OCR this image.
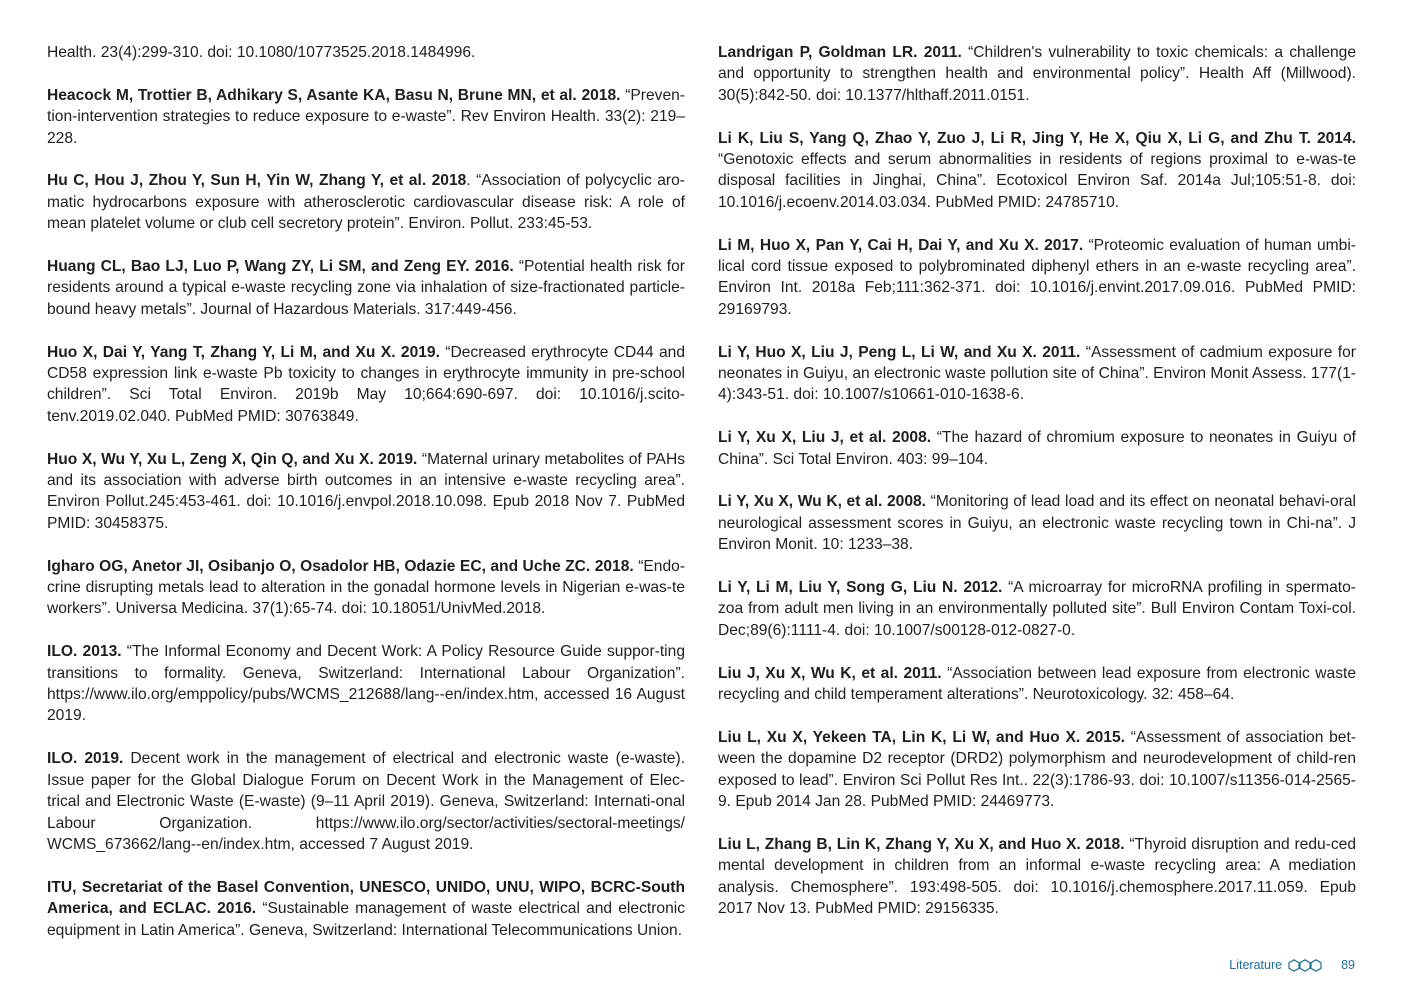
Health. 23(4):299-310. doi: 10.1080/10773525.2018.1484996.

Heacock M, Trottier B, Adhikary S, Asante KA, Basu N, Brune MN, et al. 2018. “Preven-tion-intervention strategies to reduce exposure to e-waste”. Rev Environ Health. 33(2): 219–228.

Hu C, Hou J, Zhou Y, Sun H, Yin W, Zhang Y, et al. 2018. “Association of polycyclic aro-matic hydrocarbons exposure with atherosclerotic cardiovascular disease risk: A role of mean platelet volume or club cell secretory protein”. Environ. Pollut. 233:45-53.

Huang CL, Bao LJ, Luo P, Wang ZY, Li SM, and Zeng EY. 2016. “Potential health risk for residents around a typical e-waste recycling zone via inhalation of size-fractionated particle-bound heavy metals”. Journal of Hazardous Materials. 317:449-456.

Huo X, Dai Y, Yang T, Zhang Y, Li M, and Xu X. 2019. “Decreased erythrocyte CD44 and CD58 expression link e-waste Pb toxicity to changes in erythrocyte immunity in pre-school children”. Sci Total Environ. 2019b May 10;664:690-697. doi: 10.1016/j.scito-tenv.2019.02.040. PubMed PMID: 30763849.

Huo X, Wu Y, Xu L, Zeng X, Qin Q, and Xu X. 2019. “Maternal urinary metabolites of PAHs and its association with adverse birth outcomes in an intensive e-waste recycling area”. Environ Pollut.245:453-461. doi: 10.1016/j.envpol.2018.10.098. Epub 2018 Nov 7. PubMed PMID: 30458375.

Igharo OG, Anetor JI, Osibanjo O, Osadolor HB, Odazie EC, and Uche ZC. 2018. “Endo-crine disrupting metals lead to alteration in the gonadal hormone levels in Nigerian e-was-te workers”. Universa Medicina. 37(1):65-74. doi: 10.18051/UnivMed.2018.

ILO. 2013. “The Informal Economy and Decent Work: A Policy Resource Guide suppor-ting transitions to formality. Geneva, Switzerland: International Labour Organization”. https://www.ilo.org/emppolicy/pubs/WCMS_212688/lang--en/index.htm, accessed 16 August 2019.

ILO. 2019. Decent work in the management of electrical and electronic waste (e-waste). Issue paper for the Global Dialogue Forum on Decent Work in the Management of Elec-trical and Electronic Waste (E-waste) (9–11 April 2019). Geneva, Switzerland: Internati-onal Labour Organization. https://www.ilo.org/sector/activities/sectoral-meetings/ WCMS_673662/lang--en/index.htm, accessed 7 August 2019.

ITU, Secretariat of the Basel Convention, UNESCO, UNIDO, UNU, WIPO, BCRC-South America, and ECLAC. 2016. “Sustainable management of waste electrical and electronic equipment in Latin America”. Geneva, Switzerland: International Telecommunications Union.

Landrigan P, Goldman LR. 2011. “Children's vulnerability to toxic chemicals: a challenge and opportunity to strengthen health and environmental policy”. Health Aff (Millwood). 30(5):842-50. doi: 10.1377/hlthaff.2011.0151.

Li K, Liu S, Yang Q, Zhao Y, Zuo J, Li R, Jing Y, He X, Qiu X, Li G, and Zhu T. 2014. “Genotoxic effects and serum abnormalities in residents of regions proximal to e-was-te disposal facilities in Jinghai, China”. Ecotoxicol Environ Saf. 2014a Jul;105:51-8. doi: 10.1016/j.ecoenv.2014.03.034. PubMed PMID: 24785710.

Li M, Huo X, Pan Y, Cai H, Dai Y, and Xu X. 2017. “Proteomic evaluation of human umbi-lical cord tissue exposed to polybrominated diphenyl ethers in an e-waste recycling area”. Environ Int. 2018a Feb;111:362-371. doi: 10.1016/j.envint.2017.09.016. PubMed PMID: 29169793.

Li Y, Huo X, Liu J, Peng L, Li W, and Xu X. 2011. “Assessment of cadmium exposure for neonates in Guiyu, an electronic waste pollution site of China”. Environ Monit Assess. 177(1-4):343-51. doi: 10.1007/s10661-010-1638-6.

Li Y, Xu X, Liu J, et al. 2008. “The hazard of chromium exposure to neonates in Guiyu of China”. Sci Total Environ. 403: 99–104.

Li Y, Xu X, Wu K, et al. 2008. “Monitoring of lead load and its effect on neonatal behavi-oral neurological assessment scores in Guiyu, an electronic waste recycling town in Chi-na”. J Environ Monit. 10: 1233–38.

Li Y, Li M, Liu Y, Song G, Liu N. 2012. “A microarray for microRNA profiling in spermato-zoa from adult men living in an environmentally polluted site”. Bull Environ Contam Toxi-col. Dec;89(6):1111-4. doi: 10.1007/s00128-012-0827-0.

Liu J, Xu X, Wu K, et al. 2011. “Association between lead exposure from electronic waste recycling and child temperament alterations”. Neurotoxicology. 32: 458–64.

Liu L, Xu X, Yekeen TA, Lin K, Li W, and Huo X. 2015. “Assessment of association bet-ween the dopamine D2 receptor (DRD2) polymorphism and neurodevelopment of child-ren exposed to lead”. Environ Sci Pollut Res Int.. 22(3):1786-93. doi: 10.1007/s11356-014-2565-9. Epub 2014 Jan 28. PubMed PMID: 24469773.

Liu L, Zhang B, Lin K, Zhang Y, Xu X, and Huo X. 2018. “Thyroid disruption and redu-ced mental development in children from an informal e-waste recycling area: A mediation analysis. Chemosphere”. 193:498-505. doi: 10.1016/j.chemosphere.2017.11.059. Epub 2017 Nov 13. PubMed PMID: 29156335.

Literature	89
